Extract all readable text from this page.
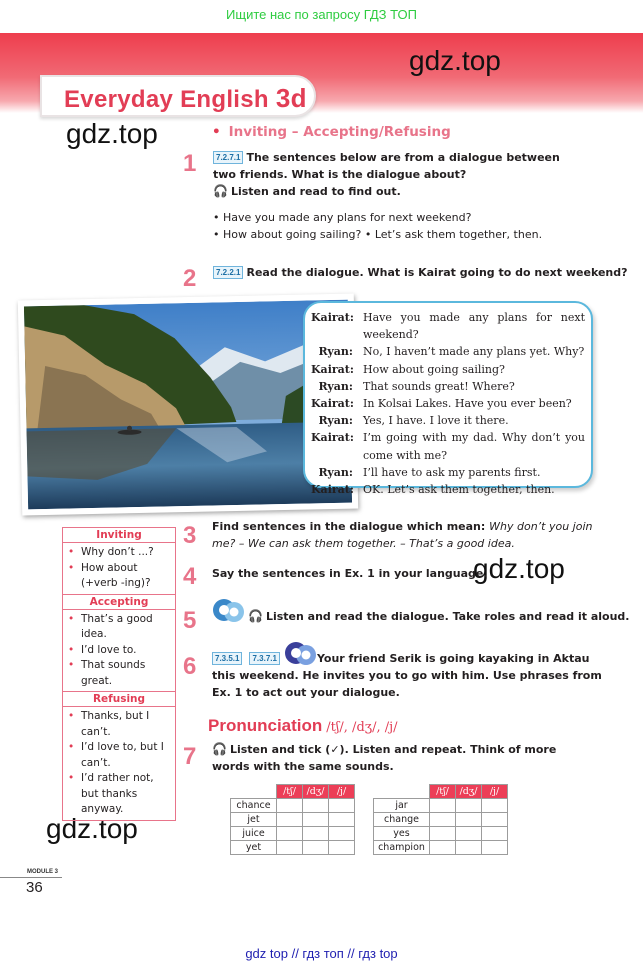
Ищите нас по запросу ГДЗ ТОП
Everyday English 3d
gdz.top
gdz.top
gdz.top
gdz.top
• Inviting – Accepting/Refusing
1	7.2.7.1 The sentences below are from a dialogue between two friends. What is the dialogue about?
🎧 Listen and read to find out.
• Have you made any plans for next weekend?
• How about going sailing? • Let’s ask them together, then.
2	7.2.2.1 Read the dialogue. What is Kairat going to do next weekend?
Kairat: Have you made any plans for next weekend?
Ryan: No, I haven’t made any plans yet. Why?
Kairat: How about going sailing?
Ryan: That sounds great! Where?
Kairat: In Kolsai Lakes. Have you ever been?
Ryan: Yes, I have. I love it there.
Kairat: I’m going with my dad. Why don’t you come with me?
Ryan: I’ll have to ask my parents first.
Kairat: OK. Let’s ask them together, then.
Inviting
• Why don’t ...?
• How about (+verb -ing)?
Accepting
• That’s a good idea.
• I’d love to.
• That sounds great.
Refusing
• Thanks, but I can’t.
• I’d love to, but I can’t.
• I’d rather not, but thanks anyway.
3 Find sentences in the dialogue which mean: Why don’t you join me? – We can ask them together. – That’s a good idea.
4 Say the sentences in Ex. 1 in your language.
5	🎧 Listen and read the dialogue. Take roles and read it aloud.
6	7.3.5.1 7.3.7.1	Your friend Serik is going kayaking in Aktau this weekend. He invites you to go with him. Use phrases from Ex. 1 to act out your dialogue.
Pronunciation /tʃ/, /dʒ/, /j/
7 🎧 Listen and tick (✓). Listen and repeat. Think of more words with the same sounds.
	/tʃ/	/dʒ/	/j/
chance			
jet			
juice			
yet			
	/tʃ/	/dʒ/	/j/
jar			
change			
yes			
champion			
MODULE 3
36
gdz top // гдз топ // гдз top
